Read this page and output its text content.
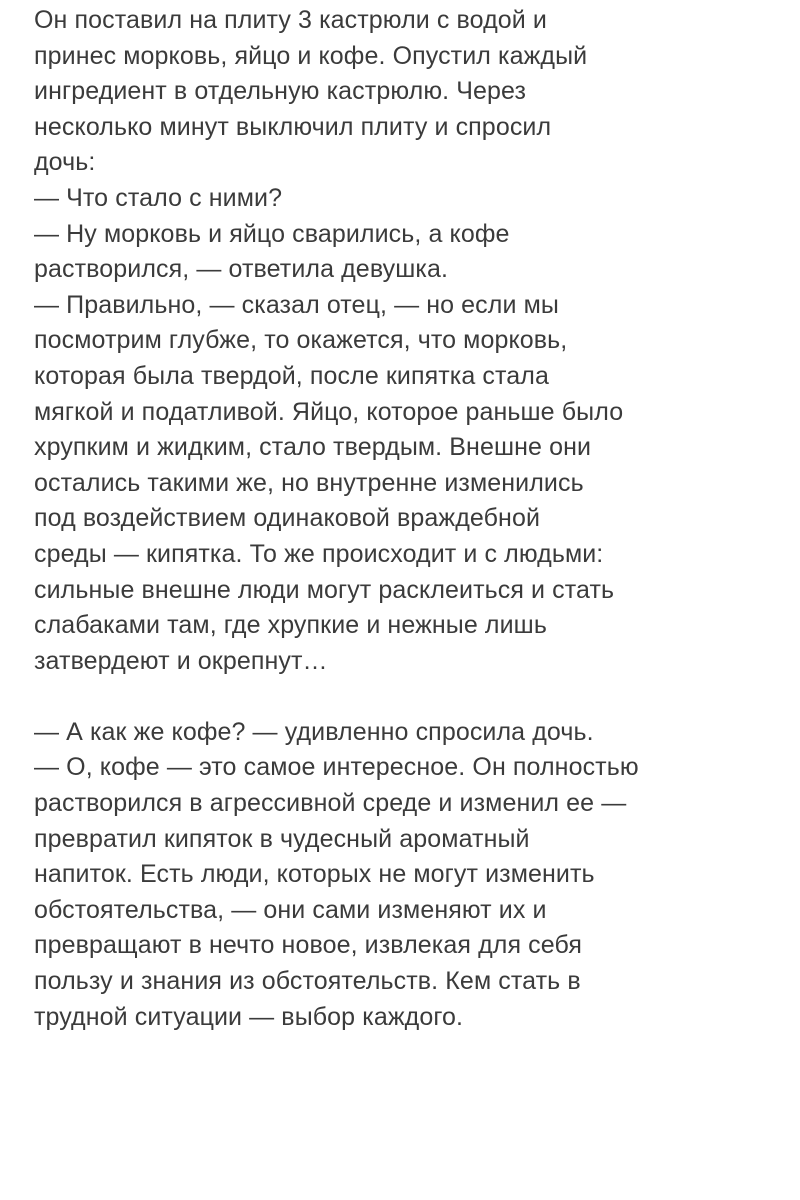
Он поставил на плиту 3 кастрюли с водой и
принес морковь, яйцо и кофе. Опустил каждый
ингредиент в отдельную кастрюлю. Через
несколько минут выключил плиту и спросил
дочь:
— Что стало с ними?
— Ну морковь и яйцо сварились, а кофе
растворился, — ответила девушка.
— Правильно, — сказал отец, — но если мы
посмотрим глубже, то окажется, что морковь,
которая была твердой, после кипятка стала
мягкой и податливой. Яйцо, которое раньше было
хрупким и жидким, стало твердым. Внешне они
остались такими же, но внутренне изменились
под воздействием одинаковой враждебной
среды — кипятка. То же происходит и с людьми:
сильные внешне люди могут расклеиться и стать
слабаками там, где хрупкие и нежные лишь
затвердеют и окрепнут…
— А как же кофе? — удивленно спросила дочь.
— О, кофе — это самое интересное. Он полностью
растворился в агрессивной среде и изменил ее —
превратил кипяток в чудесный ароматный
напиток. Есть люди, которых не могут изменить
обстоятельства, — они сами изменяют их и
превращают в нечто новое, извлекая для себя
пользу и знания из обстоятельств. Кем стать в
трудной ситуации — выбор каждого.
